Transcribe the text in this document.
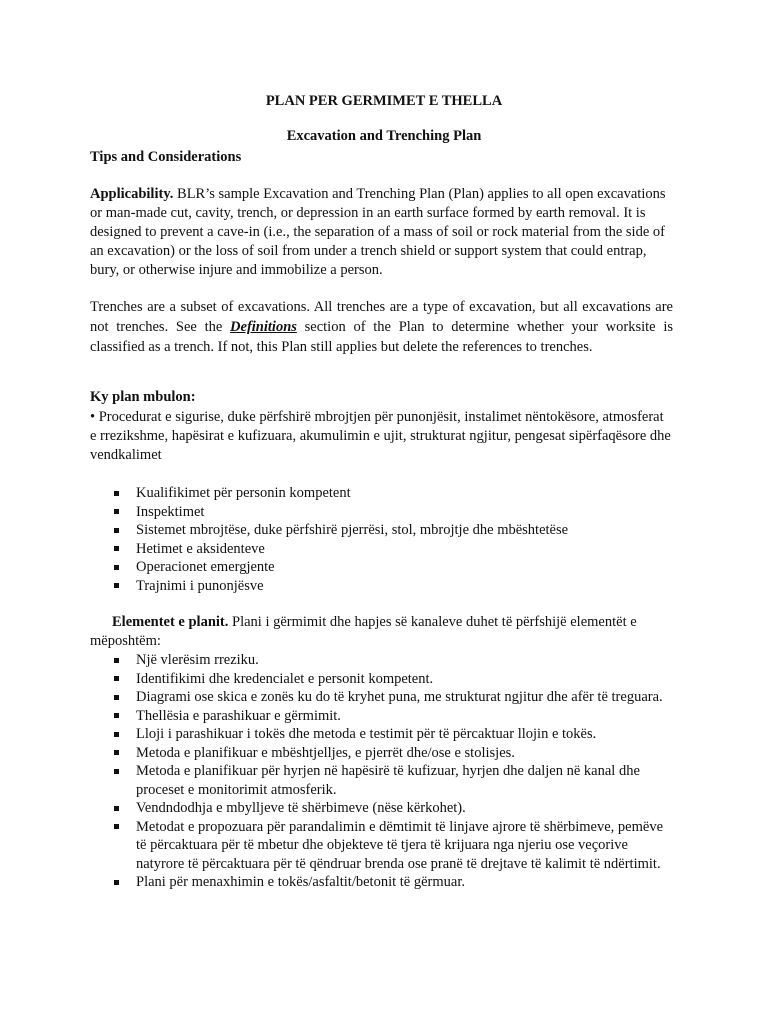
PLAN PER GERMIMET E THELLA
Excavation and Trenching Plan
Tips and Considerations

Applicability. BLR’s sample Excavation and Trenching Plan (Plan) applies to all open excavations or man-made cut, cavity, trench, or depression in an earth surface formed by earth removal. It is designed to prevent a cave-in (i.e., the separation of a mass of soil or rock material from the side of an excavation) or the loss of soil from under a trench shield or support system that could entrap, bury, or otherwise injure and immobilize a person.

Trenches are a subset of excavations. All trenches are a type of excavation, but all excavations are not trenches. See the Definitions section of the Plan to determine whether your worksite is classified as a trench. If not, this Plan still applies but delete the references to trenches.

Ky plan mbulon:

• Procedurat e sigurise, duke përfshirë mbrojtjen për punonjësit, instalimet nëntokësore, atmosferat e rrezikshme, hapësirat e kufizuara, akumulimin e ujit, strukturat ngjitur, pengesat sipërfaqësore dhe vendkalimet

Kualifikimet për personin kompetent
Inspektimet
Sistemet mbrojtëse, duke përfshirë pjerrësi, stol, mbrojtje dhe mbështetëse
Hetimet e aksidenteve
Operacionet emergjente
Trajnimi i punonjësve

Elementet e planit. Plani i gërmimit dhe hapjes së kanaleve duhet të përfshijë elementët e mëposhtëm:

Një vlerësim rreziku.
Identifikimi dhe kredencialet e personit kompetent.
Diagrami ose skica e zonës ku do të kryhet puna, me strukturat ngjitur dhe afër të treguara.
Thellësia e parashikuar e gërmimit.
Lloji i parashikuar i tokës dhe metoda e testimit për të përcaktuar llojin e tokës.
Metoda e planifikuar e mbështjelljes, e pjerrët dhe/ose e stolisjes.
Metoda e planifikuar për hyrjen në hapësirë të kufizuar, hyrjen dhe daljen në kanal dhe proceset e monitorimit atmosferik.
Vendndodhja e mbylljeve të shërbimeve (nëse kërkohet).
Metodat e propozuara për parandalimin e dëmtimit të linjave ajrore të shërbimeve, pemëve të përcaktuara për të mbetur dhe objekteve të tjera të krijuara nga njeriu ose veçorive natyrore të përcaktuara për të qëndruar brenda ose pranë të drejtave të kalimit të ndërtimit.
Plani për menaxhimin e tokës/asfaltit/betonit të gërmuar.
